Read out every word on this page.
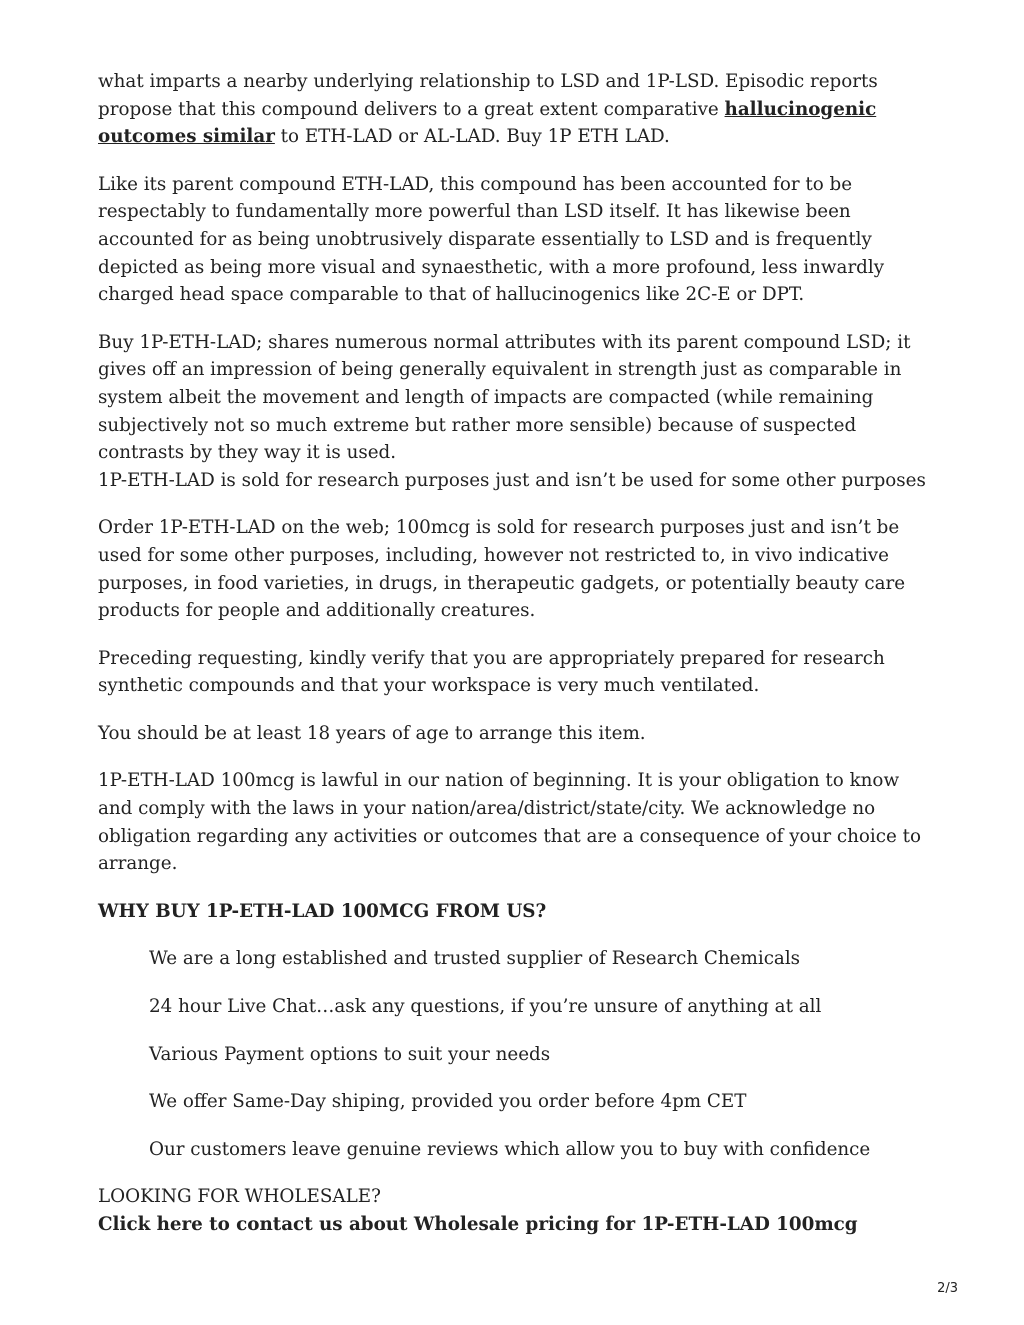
what imparts a nearby underlying relationship to LSD and 1P-LSD. Episodic reports propose that this compound delivers to a great extent comparative hallucinogenic outcomes similar to ETH-LAD or AL-LAD. Buy 1P ETH LAD.

Like its parent compound ETH-LAD, this compound has been accounted for to be respectably to fundamentally more powerful than LSD itself. It has likewise been accounted for as being unobtrusively disparate essentially to LSD and is frequently depicted as being more visual and synaesthetic, with a more profound, less inwardly charged head space comparable to that of hallucinogenics like 2C-E or DPT.

Buy 1P-ETH-LAD; shares numerous normal attributes with its parent compound LSD; it gives off an impression of being generally equivalent in strength just as comparable in system albeit the movement and length of impacts are compacted (while remaining subjectively not so much extreme but rather more sensible) because of suspected contrasts by they way it is used.

1P-ETH-LAD is sold for research purposes just and isn’t be used for some other purposes

Order 1P-ETH-LAD on the web; 100mcg is sold for research purposes just and isn’t be used for some other purposes, including, however not restricted to, in vivo indicative purposes, in food varieties, in drugs, in therapeutic gadgets, or potentially beauty care products for people and additionally creatures.

Preceding requesting, kindly verify that you are appropriately prepared for research synthetic compounds and that your workspace is very much ventilated.

You should be at least 18 years of age to arrange this item.

1P-ETH-LAD 100mcg is lawful in our nation of beginning. It is your obligation to know and comply with the laws in your nation/area/district/state/city. We acknowledge no obligation regarding any activities or outcomes that are a consequence of your choice to arrange.

WHY BUY 1P-ETH-LAD 100MCG FROM US?

We are a long established and trusted supplier of Research Chemicals
24 hour Live Chat…ask any questions, if you’re unsure of anything at all
Various Payment options to suit your needs
We offer Same-Day shiping, provided you order before 4pm CET
Our customers leave genuine reviews which allow you to buy with confidence
LOOKING FOR WHOLESALE?
Click here to contact us about Wholesale pricing for 1P-ETH-LAD 100mcg
2/3
